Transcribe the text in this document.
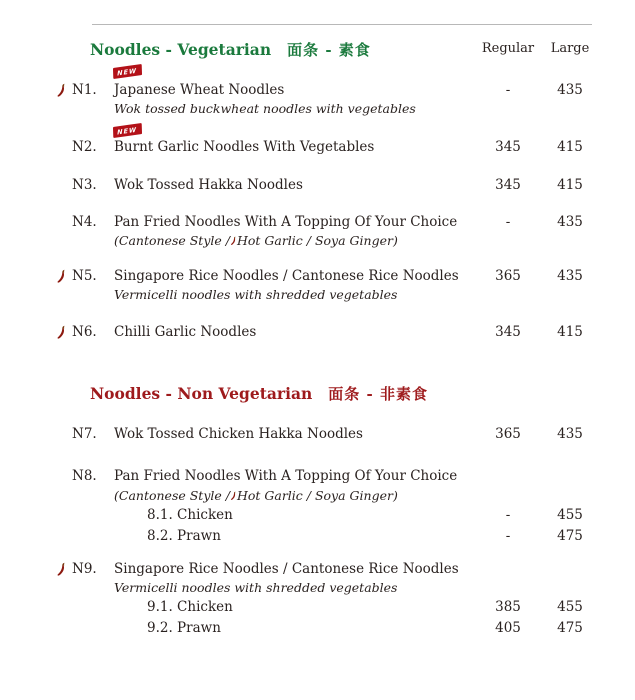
Noodles - Vegetarian 面条 - 素食	Regular	Large
NEW
N1. Japanese Wheat Noodles	-	435
Wok tossed buckwheat noodles with vegetables
NEW
N2. Burnt Garlic Noodles With Vegetables	345	415
N3. Wok Tossed Hakka Noodles	345	415
N4. Pan Fried Noodles With A Topping Of Your Choice	-	435
(Cantonese Style / Hot Garlic / Soya Ginger)
N5. Singapore Rice Noodles / Cantonese Rice Noodles	365	435
Vermicelli noodles with shredded vegetables
N6. Chilli Garlic Noodles	345	415
Noodles - Non Vegetarian 面条 - 非素食
N7. Wok Tossed Chicken Hakka Noodles	365	435
N8. Pan Fried Noodles With A Topping Of Your Choice
(Cantonese Style / Hot Garlic / Soya Ginger)
8.1. Chicken	-	455
8.2. Prawn	-	475
N9. Singapore Rice Noodles / Cantonese Rice Noodles
Vermicelli noodles with shredded vegetables
9.1. Chicken	385	455
9.2. Prawn	405	475
